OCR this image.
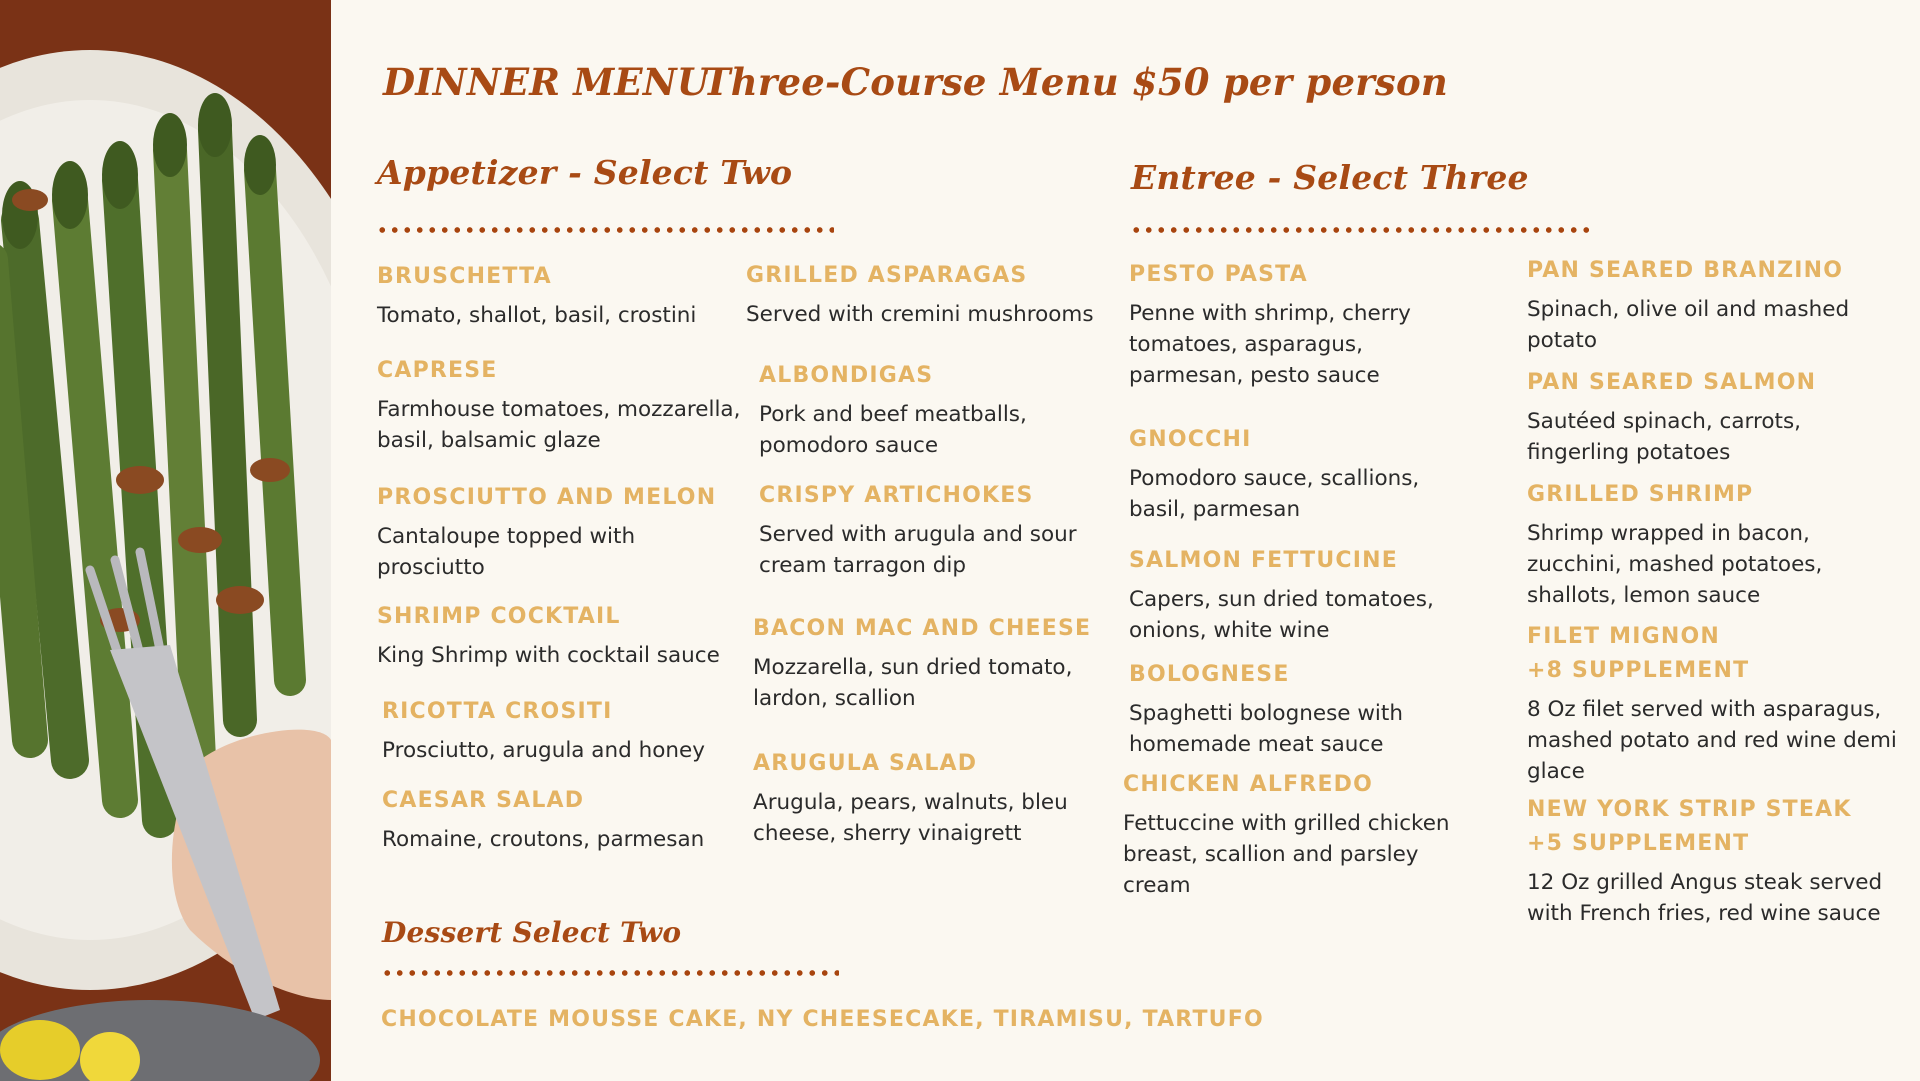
DINNER MENU
Three-Course Menu $50 per person
Appetizer - Select Two
BRUSCHETTA
Tomato, shallot, basil, crostini
CAPRESE
Farmhouse tomatoes, mozzarella, basil, balsamic glaze
PROSCIUTTO AND MELON
Cantaloupe topped with prosciutto
SHRIMP COCKTAIL
King Shrimp with cocktail sauce
RICOTTA CROSITI
Prosciutto, arugula and honey
CAESAR SALAD
Romaine, croutons, parmesan
GRILLED ASPARAGAS
Served with cremini mushrooms
ALBONDIGAS
Pork and beef meatballs, pomodoro sauce
CRISPY ARTICHOKES
Served with arugula and sour cream tarragon dip
BACON MAC AND CHEESE
Mozzarella, sun dried tomato, lardon, scallion
ARUGULA SALAD
Arugula, pears, walnuts, bleu cheese, sherry vinaigrett
Entree - Select Three
PESTO PASTA
Penne with shrimp, cherry tomatoes, asparagus, parmesan, pesto sauce
GNOCCHI
Pomodoro sauce, scallions, basil, parmesan
SALMON FETTUCINE
Capers, sun dried tomatoes, onions, white wine
BOLOGNESE
Spaghetti bolognese with homemade meat sauce
CHICKEN ALFREDO
Fettuccine with grilled chicken breast, scallion and parsley cream
PAN SEARED BRANZINO
Spinach, olive oil and mashed potato
PAN SEARED SALMON
Sautéed spinach, carrots, fingerling potatoes
GRILLED SHRIMP
Shrimp wrapped in bacon, zucchini, mashed potatoes, shallots, lemon sauce
FILET MIGNON
+8 SUPPLEMENT
8 Oz filet served with asparagus, mashed potato and red wine demi glace
NEW YORK STRIP STEAK
+5 SUPPLEMENT
12 Oz grilled Angus steak served with French fries, red wine sauce
Dessert Select Two
CHOCOLATE MOUSSE CAKE, NY CHEESECAKE, TIRAMISU, TARTUFO
